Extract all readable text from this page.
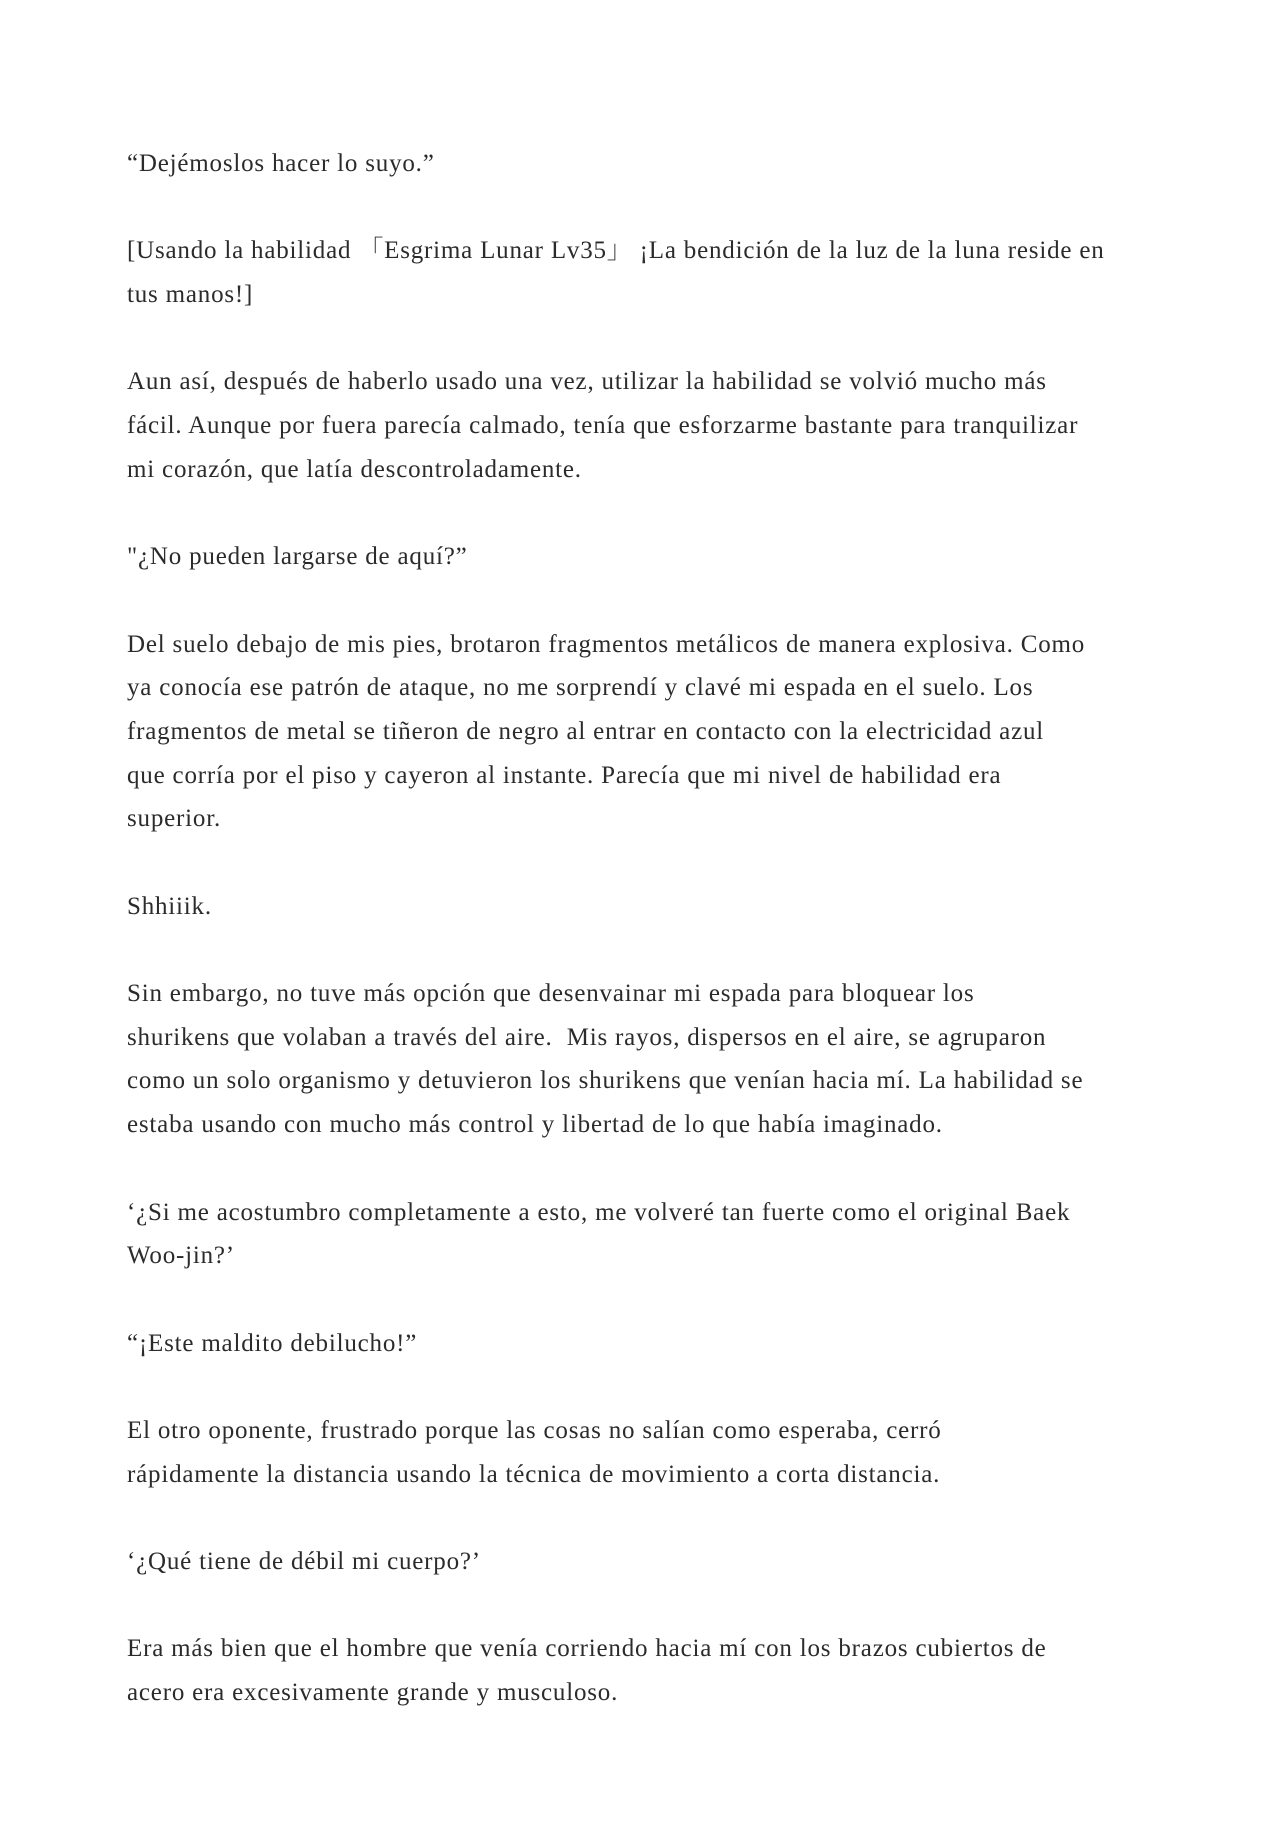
“Dejémoslos hacer lo suyo.”

[Usando la habilidad 「Esgrima Lunar Lv35」 ¡La bendición de la luz de la luna reside en
tus manos!]

Aun así, después de haberlo usado una vez, utilizar la habilidad se volvió mucho más
fácil. Aunque por fuera parecía calmado, tenía que esforzarme bastante para tranquilizar
mi corazón, que latía descontroladamente.

"¿No pueden largarse de aquí?”

Del suelo debajo de mis pies, brotaron fragmentos metálicos de manera explosiva. Como
ya conocía ese patrón de ataque, no me sorprendí y clavé mi espada en el suelo. Los
fragmentos de metal se tiñeron de negro al entrar en contacto con la electricidad azul
que corría por el piso y cayeron al instante. Parecía que mi nivel de habilidad era
superior.

Shhiiik.

Sin embargo, no tuve más opción que desenvainar mi espada para bloquear los
shurikens que volaban a través del aire.  Mis rayos, dispersos en el aire, se agruparon
como un solo organismo y detuvieron los shurikens que venían hacia mí. La habilidad se
estaba usando con mucho más control y libertad de lo que había imaginado.

‘¿Si me acostumbro completamente a esto, me volveré tan fuerte como el original Baek
Woo-jin?’

“¡Este maldito debilucho!”

El otro oponente, frustrado porque las cosas no salían como esperaba, cerró
rápidamente la distancia usando la técnica de movimiento a corta distancia.

‘¿Qué tiene de débil mi cuerpo?’

Era más bien que el hombre que venía corriendo hacia mí con los brazos cubiertos de
acero era excesivamente grande y musculoso.
